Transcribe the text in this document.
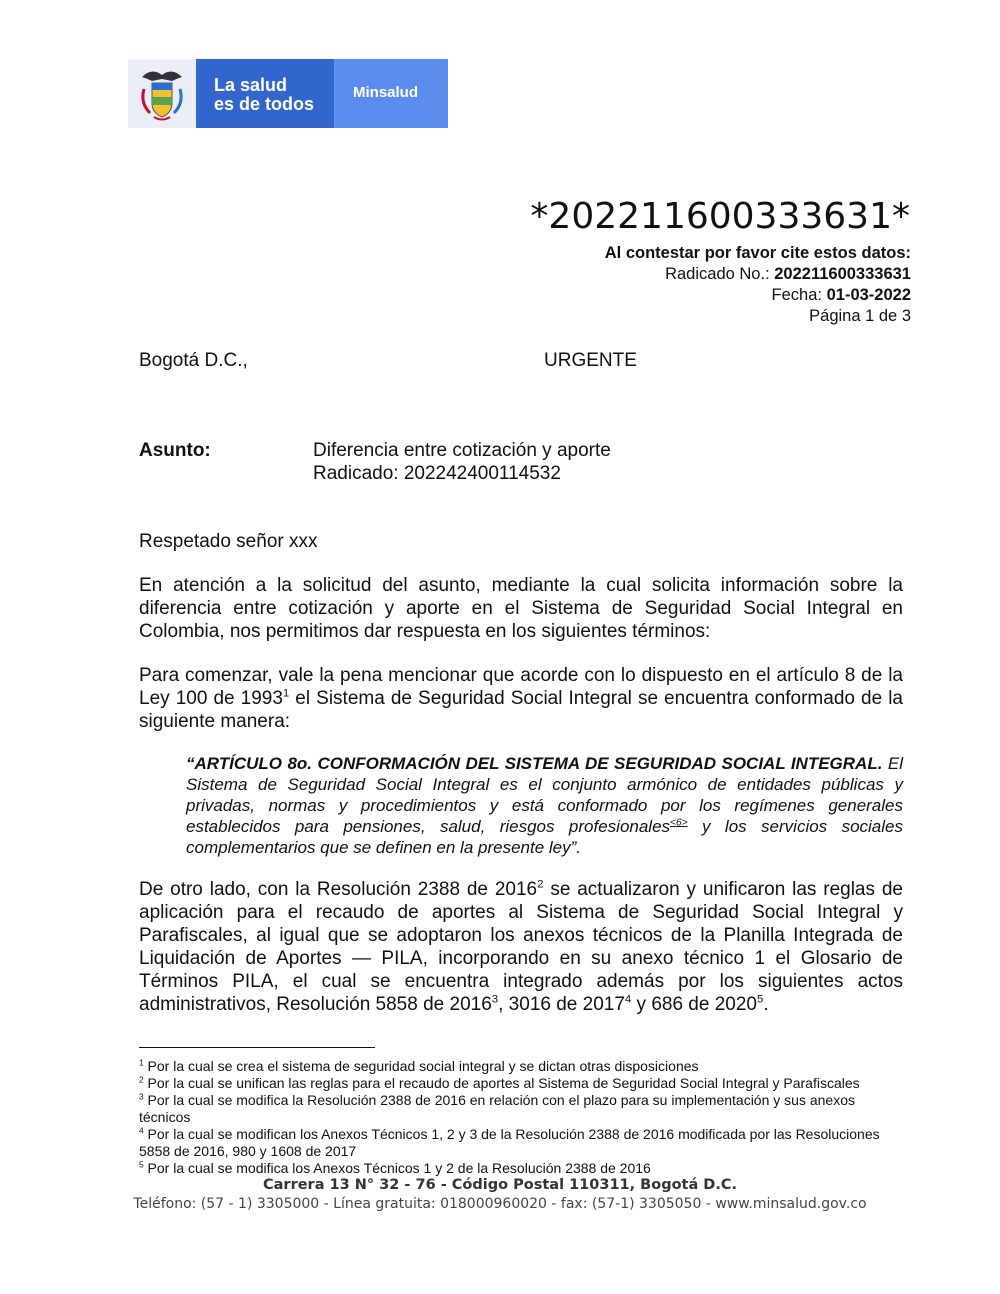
La salud
es de todos
Minsalud
*202211600333631*
Al contestar por favor cite estos datos:
Radicado No.: 202211600333631
Fecha: 01-03-2022
Página 1 de 3
Bogotá D.C.,	URGENTE
Asunto:	Diferencia entre cotización y aporte
Radicado: 202242400114532
Respetado señor xxx
En atención a la solicitud del asunto, mediante la cual solicita información sobre la diferencia entre cotización y aporte en el Sistema de Seguridad Social Integral en Colombia, nos permitimos dar respuesta en los siguientes términos:
Para comenzar, vale la pena mencionar que acorde con lo dispuesto en el artículo 8 de la Ley 100 de 1993$^1$ el Sistema de Seguridad Social Integral se encuentra conformado de la siguiente manera:
“ARTÍCULO 8o. CONFORMACIÓN DEL SISTEMA DE SEGURIDAD SOCIAL INTEGRAL. El Sistema de Seguridad Social Integral es el conjunto armónico de entidades públicas y privadas, normas y procedimientos y está conformado por los regímenes generales establecidos para pensiones, salud, riesgos profesionales$^{<6>}$ y los servicios sociales complementarios que se definen en la presente ley”.
De otro lado, con la Resolución 2388 de 2016$^2$ se actualizaron y unificaron las reglas de aplicación para el recaudo de aportes al Sistema de Seguridad Social Integral y Parafiscales, al igual que se adoptaron los anexos técnicos de la Planilla Integrada de Liquidación de Aportes — PILA, incorporando en su anexo técnico 1 el Glosario de Términos PILA, el cual se encuentra integrado además por los siguientes actos administrativos, Resolución 5858 de 2016$^3$, 3016 de 2017$^4$ y 686 de 2020$^5$.
$^1$ Por la cual se crea el sistema de seguridad social integral y se dictan otras disposiciones
$^2$ Por la cual se unifican las reglas para el recaudo de aportes al Sistema de Seguridad Social Integral y Parafiscales
$^3$ Por la cual se modifica la Resolución 2388 de 2016 en relación con el plazo para su implementación y sus anexos técnicos
$^4$ Por la cual se modifican los Anexos Técnicos 1, 2 y 3 de la Resolución 2388 de 2016 modificada por las Resoluciones 5858 de 2016, 980 y 1608 de 2017
$^5$ Por la cual se modifica los Anexos Técnicos 1 y 2 de la Resolución 2388 de 2016
Carrera 13 N° 32 - 76 - Código Postal 110311, Bogotá D.C.
Teléfono: (57 - 1) 3305000 - Línea gratuita: 018000960020 - fax: (57-1) 3305050 - www.minsalud.gov.co
